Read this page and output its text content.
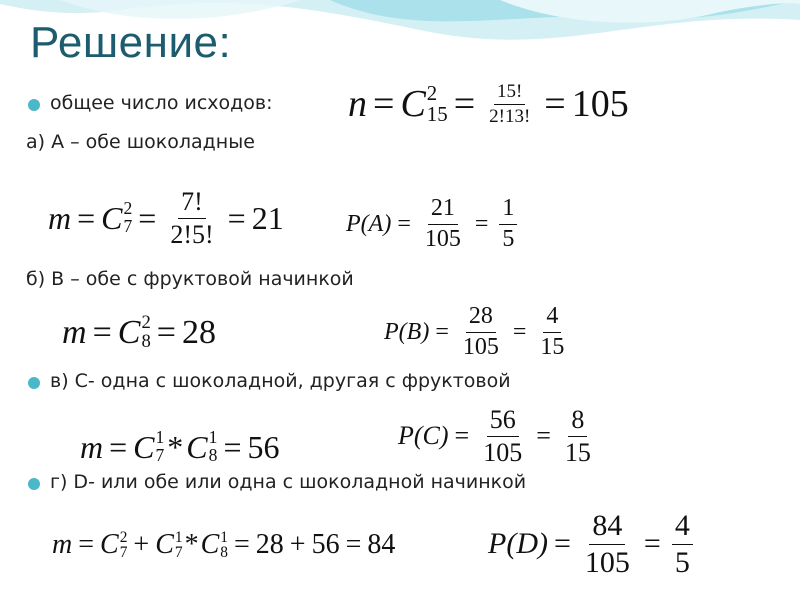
Решение:
общее число исходов: n = C 2
$15 = \frac{15!}{2!13!} = 105$
а) А – обе шоколадные
m = C 2
$7 = \frac{7!}{2!5!} = 21$	$P(A) = \frac{21}{105} = \frac{1}{5}$
б) В – обе с фруктовой начинкой
m = C 2
8 = 28	$P(B) = \frac{28}{105} = \frac{4}{15}$
в) С- одна с шоколадной, другая с фруктовой
m = C 1
7 * C 1
8 = 56	$P(C) = \frac{56}{105} = \frac{8}{15}$
г) D- или обе или одна с шоколадной начинкой
m = C 2
7 + C 1
7 * C 1
8 = 28 + 56 = 84	$P(D) = \frac{84}{105} = \frac{4}{5}$
